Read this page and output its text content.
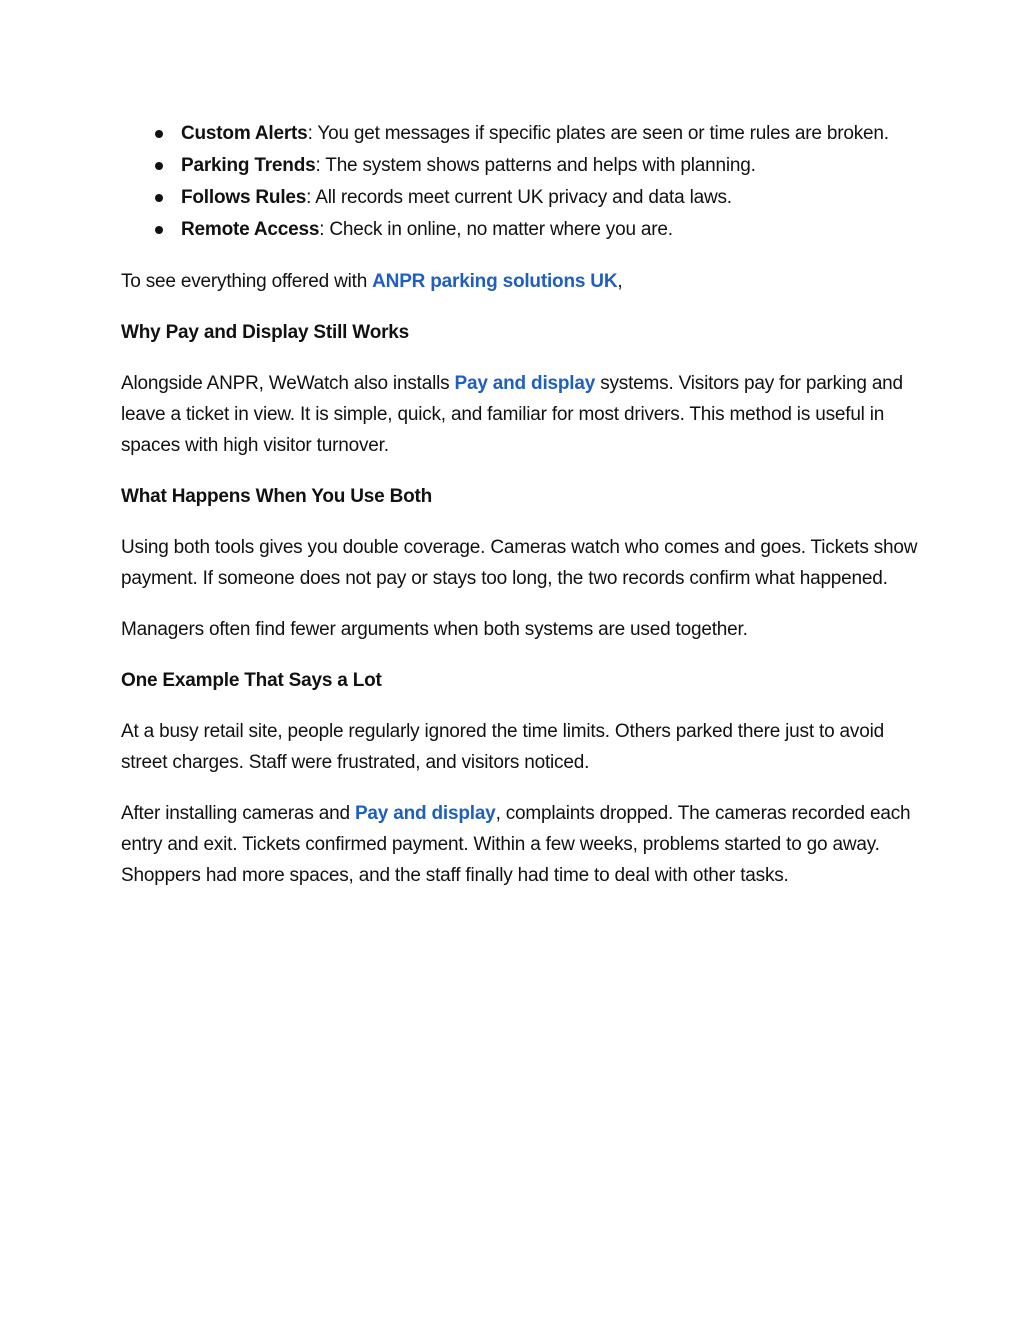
Custom Alerts: You get messages if specific plates are seen or time rules are broken.
Parking Trends: The system shows patterns and helps with planning.
Follows Rules: All records meet current UK privacy and data laws.
Remote Access: Check in online, no matter where you are.

To see everything offered with ANPR parking solutions UK,

Why Pay and Display Still Works

Alongside ANPR, WeWatch also installs Pay and display systems. Visitors pay for parking and leave a ticket in view. It is simple, quick, and familiar for most drivers. This method is useful in spaces with high visitor turnover.

What Happens When You Use Both

Using both tools gives you double coverage. Cameras watch who comes and goes. Tickets show payment. If someone does not pay or stays too long, the two records confirm what happened.

Managers often find fewer arguments when both systems are used together.

One Example That Says a Lot

At a busy retail site, people regularly ignored the time limits. Others parked there just to avoid street charges. Staff were frustrated, and visitors noticed.

After installing cameras and Pay and display, complaints dropped. The cameras recorded each entry and exit. Tickets confirmed payment. Within a few weeks, problems started to go away. Shoppers had more spaces, and the staff finally had time to deal with other tasks.
